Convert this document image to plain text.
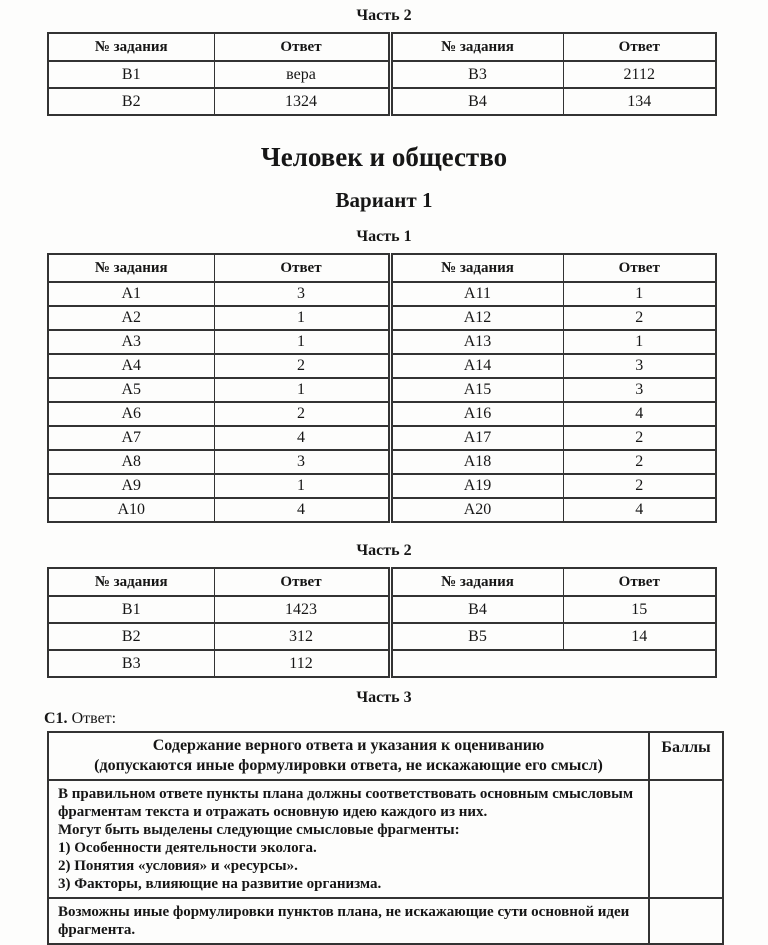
Часть 2
№ задания	Ответ	№ задания	Ответ
В1	вера	В3	2112
В2	1324	В4	134
Человек и общество
Вариант 1
Часть 1
№ задания	Ответ	№ задания	Ответ
А1	3	А11	1
А2	1	А12	2
А3	1	А13	1
А4	2	А14	3
А5	1	А15	3
А6	2	А16	4
А7	4	А17	2
А8	3	А18	2
А9	1	А19	2
А10	4	А20	4
Часть 2
№ задания	Ответ	№ задания	Ответ
В1	1423	В4	15
В2	312	В5	14
В3	112		
Часть 3
С1. Ответ:
Содержание верного ответа и указания к оцениванию
(допускаются иные формулировки ответа, не искажающие его смысл)	Баллы

В правильном ответе пункты плана должны соответствовать основным смысловым
фрагментам текста и отражать основную идею каждого из них.
Могут быть выделены следующие смысловые фрагменты:
1) Особенности деятельности эколога.
2) Понятия «условия» и «ресурсы».
3) Факторы, влияющие на развитие организма.

Возможны иные формулировки пунктов плана, не искажающие сути основной идеи
фрагмента.	
